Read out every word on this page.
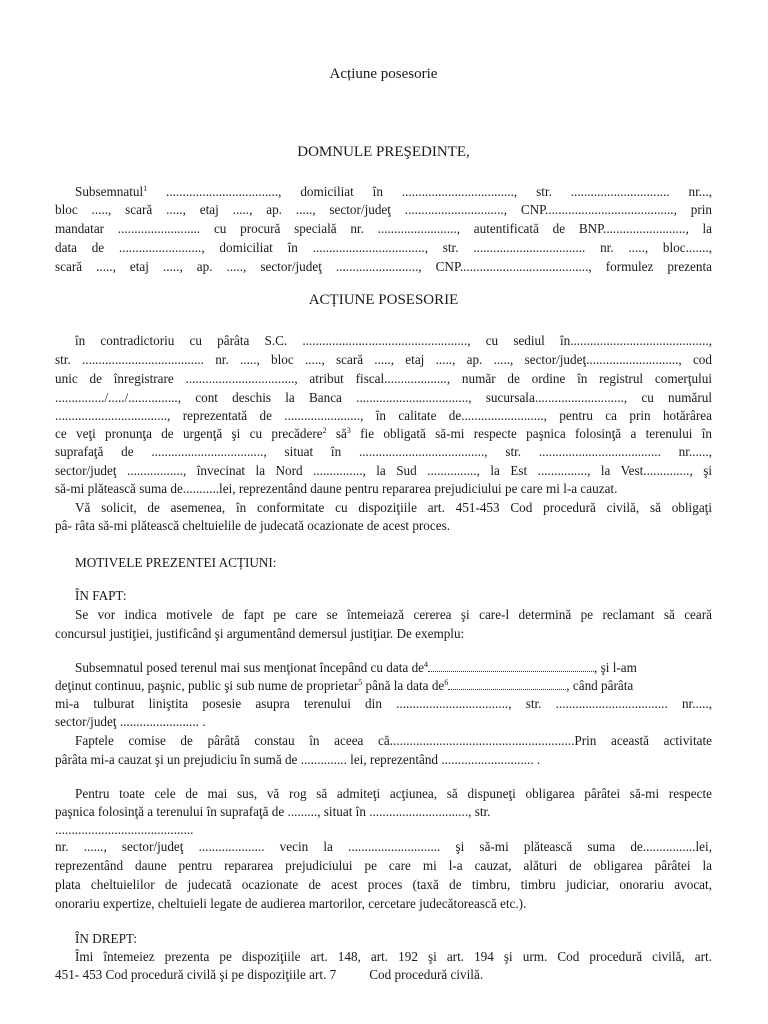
Acțiune posesorie
DOMNULE PREŞEDINTE,
Subsemnatul$^1$ .................................., domiciliat în .................................., str. .............................. nr...,
bloc ....., scară ....., etaj ....., ap. ....., sector/judeţ .............................., CNP......................................., prin
mandatar ......................... cu procură specială nr. ........................, autentificată de BNP........................., la
data de ........................., domiciliat în .................................., str. .................................. nr. ....., bloc.......,
scară ....., etaj ....., ap. ....., sector/judeţ ........................., CNP......................................., formulez prezenta
ACȚIUNE POSESORIE
în contradictoriu cu pârâta S.C. .................................................., cu sediul în..........................................,
str. ..................................... nr. ....., bloc ....., scară ....., etaj ....., ap. ....., sector/judeţ............................, cod
unic de înregistrare ................................., atribut fiscal..................., număr de ordine în registrul comerţului
.............../...../..............., cont deschis la Banca .................................., sucursala..........................., cu numărul
.................................., reprezentată de ......................., în calitate de........................., pentru ca prin hotărârea
ce veţi pronunţa de urgenţă şi cu precădere$^2$ $să^3$ fie obligată să-mi respecte paşnica folosinţă a terenului în
suprafaţă de .................................., situat în ......................................, str. ..................................... nr......,
sector/judeţ ................., învecinat la Nord ..............., la Sud ..............., la Est ..............., la Vest.............., şi
să-mi plătească suma de...........lei, reprezentând daune pentru repararea prejudiciului pe care mi l-a cauzat.
Vă solicit, de asemenea, în conformitate cu dispoziţiile art. 451-453 Cod procedură civilă, să obligaţi
pâ- râta să-mi plătească cheltuielile de judecată ocazionate de acest proces.
MOTIVELE PREZENTEI ACȚIUNI:
ÎN FAPT:
Se vor indica motivele de fapt pe care se întemeiază cererea şi care-l determină pe reclamant să ceară
concursul justiţiei, justificând şi argumentând demersul justiţiar. De exemplu:
Subsemnatul posed terenul mai sus menţionat începând cu data $de^4$	, şi l-am
deţinut continuu, paşnic, public şi sub nume de proprietar$^5$ până la data $de^6$	, când pârâta
mi-a tulburat liniştita posesie asupra terenului din .................................., str. .................................. nr.....,
sector/judeţ ........................ .
Faptele comise de pârâtă constau în aceea că........................................................Prin această activitate
pârâta mi-a cauzat şi un prejudiciu în sumă de .............. lei, reprezentând ............................ .
Pentru toate cele de mai sus, vă rog să admiteţi acţiunea, să dispuneţi obligarea pârâtei să-mi respecte
paşnica folosinţă a terenului în suprafaţă de ........., situat în .............................., str.
..........................................
nr. ......, sector/judeţ .................... vecin la ............................ şi să-mi plătească suma de................lei,
reprezentând daune pentru repararea prejudiciului pe care mi l-a cauzat, alături de obligarea pârâtei la
plata cheltuielilor de judecată ocazionate de acest proces (taxă de timbru, timbru judiciar, onorariu avocat,
onorariu expertize, cheltuieli legate de audierea martorilor, cercetare judecătorească etc.).
ÎN DREPT:
Îmi întemeiez prezenta pe dispoziţiile art. 148, art. 192 şi art. 194 şi urm. Cod procedură civilă, art.
451- 453 Cod procedură civilă şi pe dispoziţiile art. 7          Cod procedură civilă.
